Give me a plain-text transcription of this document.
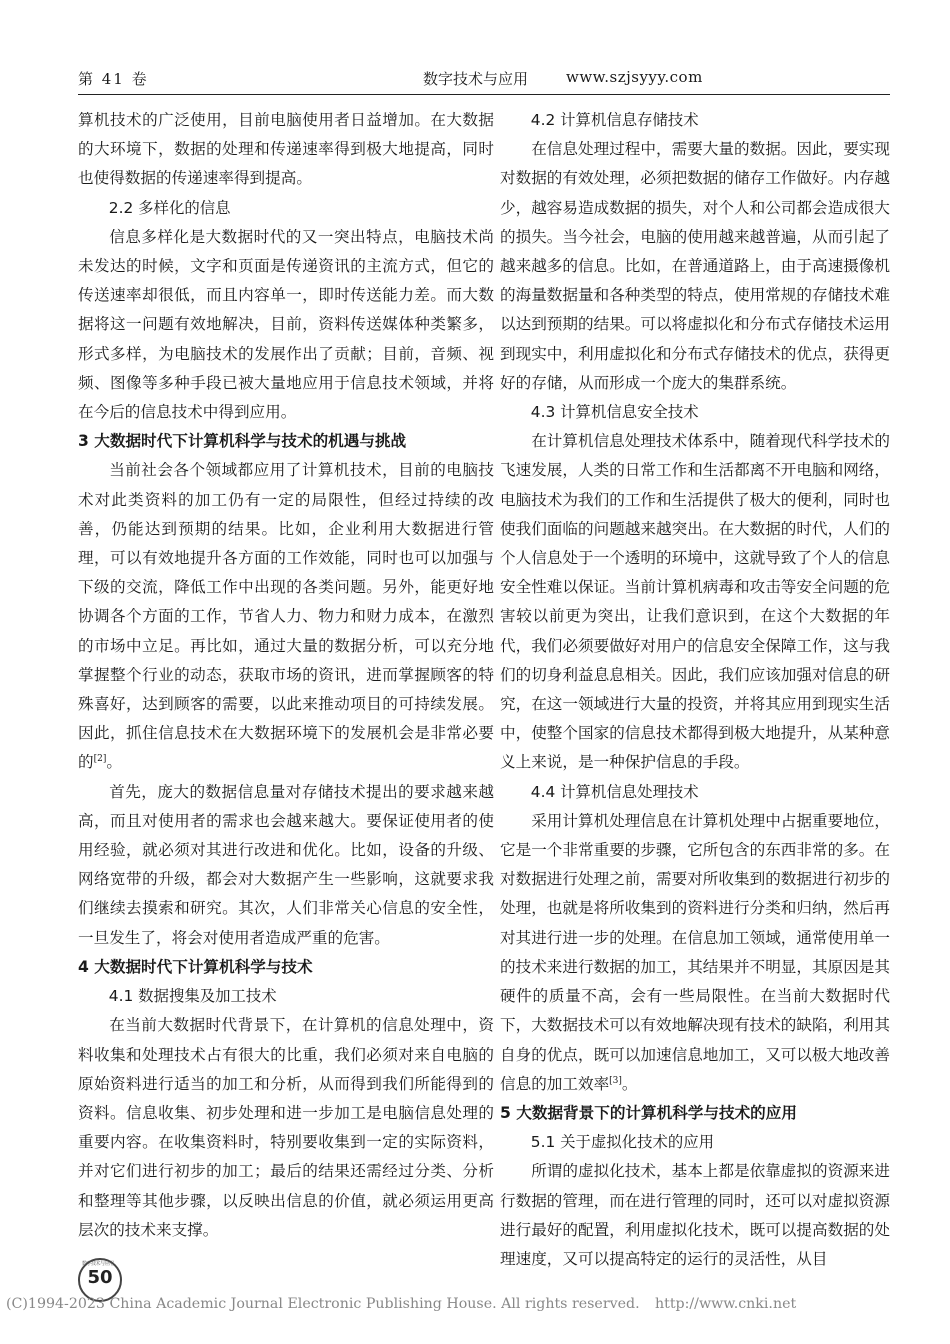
第 41 卷	数字技术与应用	www.szjsyyy.com

算机技术的广泛使用，目前电脑使用者日益增加。在大数据的大环境下，数据的处理和传递速率得到极大地提高，同时也使得数据的传递速率得到提高。

2.2 多样化的信息

信息多样化是大数据时代的又一突出特点，电脑技术尚未发达的时候，文字和页面是传递资讯的主流方式，但它的传送速率却很低，而且内容单一，即时传送能力差。而大数据将这一问题有效地解决，目前，资料传送媒体种类繁多，形式多样，为电脑技术的发展作出了贡献；目前，音频、视频、图像等多种手段已被大量地应用于信息技术领域，并将在今后的信息技术中得到应用。

3 大数据时代下计算机科学与技术的机遇与挑战

当前社会各个领域都应用了计算机技术，目前的电脑技术对此类资料的加工仍有一定的局限性，但经过持续的改善，仍能达到预期的结果。比如，企业利用大数据进行管理，可以有效地提升各方面的工作效能，同时也可以加强与下级的交流，降低工作中出现的各类问题。另外，能更好地协调各个方面的工作，节省人力、物力和财力成本，在激烈的市场中立足。再比如，通过大量的数据分析，可以充分地掌握整个行业的动态，获取市场的资讯，进而掌握顾客的特殊喜好，达到顾客的需要，以此来推动项目的可持续发展。因此，抓住信息技术在大数据环境下的发展机会是非常必要的[2]。

首先，庞大的数据信息量对存储技术提出的要求越来越高，而且对使用者的需求也会越来越大。要保证使用者的使用经验，就必须对其进行改进和优化。比如，设备的升级、网络宽带的升级，都会对大数据产生一些影响，这就要求我们继续去摸索和研究。其次，人们非常关心信息的安全性，一旦发生了，将会对使用者造成严重的危害。

4 大数据时代下计算机科学与技术

4.1 数据搜集及加工技术

在当前大数据时代背景下，在计算机的信息处理中，资料收集和处理技术占有很大的比重，我们必须对来自电脑的原始资料进行适当的加工和分析，从而得到我们所能得到的资料。信息收集、初步处理和进一步加工是电脑信息处理的重要内容。在收集资料时，特别要收集到一定的实际资料，并对它们进行初步的加工；最后的结果还需经过分类、分析和整理等其他步骤，以反映出信息的价值，就必须运用更高层次的技术来支撑。

4.2 计算机信息存储技术

在信息处理过程中，需要大量的数据。因此，要实现对数据的有效处理，必须把数据的储存工作做好。内存越少，越容易造成数据的损失，对个人和公司都会造成很大的损失。当今社会，电脑的使用越来越普遍，从而引起了越来越多的信息。比如，在普通道路上，由于高速摄像机的海量数据量和各种类型的特点，使用常规的存储技术难以达到预期的结果。可以将虚拟化和分布式存储技术运用到现实中，利用虚拟化和分布式存储技术的优点，获得更好的存储，从而形成一个庞大的集群系统。

4.3 计算机信息安全技术

在计算机信息处理技术体系中，随着现代科学技术的飞速发展，人类的日常工作和生活都离不开电脑和网络，电脑技术为我们的工作和生活提供了极大的便利，同时也使我们面临的问题越来越突出。在大数据的时代，人们的个人信息处于一个透明的环境中，这就导致了个人的信息安全性难以保证。当前计算机病毒和攻击等安全问题的危害较以前更为突出，让我们意识到，在这个大数据的年代，我们必须要做好对用户的信息安全保障工作，这与我们的切身利益息息相关。因此，我们应该加强对信息的研究，在这一领域进行大量的投资，并将其应用到现实生活中，使整个国家的信息技术都得到极大地提升，从某种意义上来说，是一种保护信息的手段。

4.4 计算机信息处理技术

采用计算机处理信息在计算机处理中占据重要地位，它是一个非常重要的步骤，它所包含的东西非常的多。在对数据进行处理之前，需要对所收集到的数据进行初步的处理，也就是将所收集到的资料进行分类和归纳，然后再对其进行进一步的处理。在信息加工领域，通常使用单一的技术来进行数据的加工，其结果并不明显，其原因是其硬件的质量不高，会有一些局限性。在当前大数据时代下，大数据技术可以有效地解决现有技术的缺陷，利用其自身的优点，既可以加速信息地加工，又可以极大地改善信息的加工效率[3]。

5 大数据背景下的计算机科学与技术的应用

5.1 关于虚拟化技术的应用

所谓的虚拟化技术，基本上都是依靠虚拟的资源来进行数据的管理，而在进行管理的同时，还可以对虚拟资源进行最好的配置，利用虚拟化技术，既可以提高数据的处理速度，又可以提高特定的运行的灵活性，从目

数字技术与应用
50
(C)1994-2023 China Academic Journal Electronic Publishing House. All rights reserved. http://www.cnki.net
